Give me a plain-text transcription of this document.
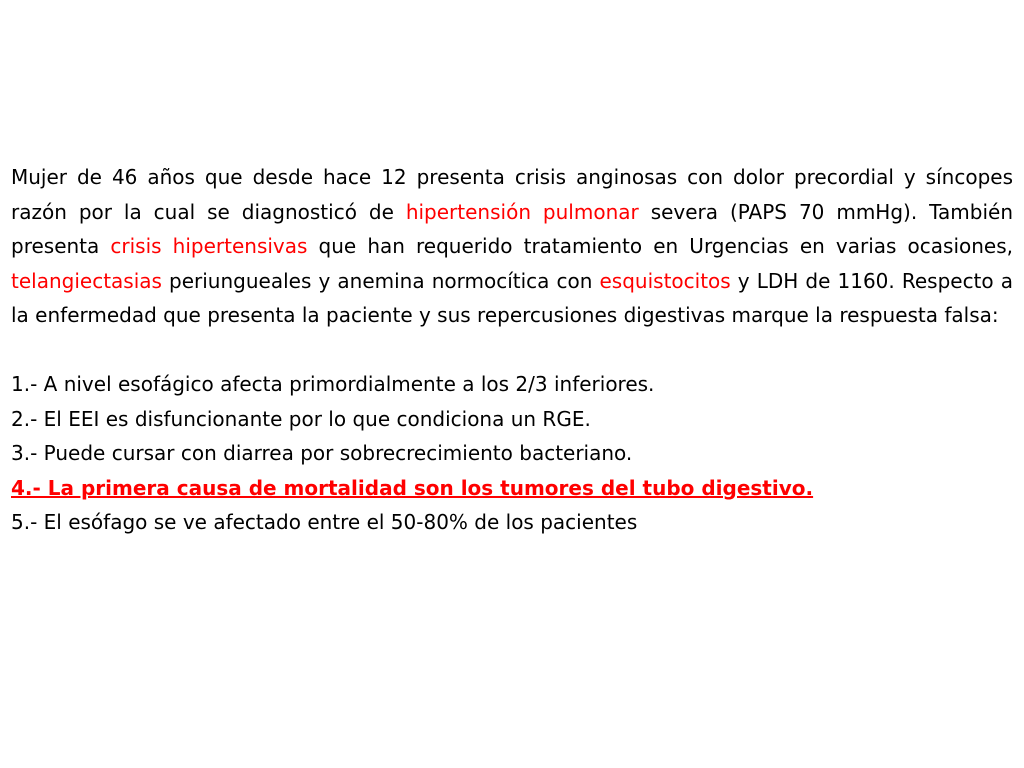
Mujer de 46 años que desde hace 12 presenta crisis anginosas con dolor precordial y síncopes razón por la cual se diagnosticó de hipertensión pulmonar severa (PAPS 70 mmHg). También presenta crisis hipertensivas que han requerido tratamiento en Urgencias en varias ocasiones, telangiectasias periungueales y anemina normocítica con esquistocitos y LDH de 1160. Respecto a la enfermedad que presenta la paciente y sus repercusiones digestivas marque la respuesta falsa:

1.- A nivel esofágico afecta primordialmente a los 2/3 inferiores.

2.- El EEI es disfuncionante por lo que condiciona un RGE.

3.- Puede cursar con diarrea por sobrecrecimiento bacteriano.

4.- La primera causa de mortalidad son los tumores del tubo digestivo.

5.- El esófago se ve afectado entre el 50-80% de los pacientes
